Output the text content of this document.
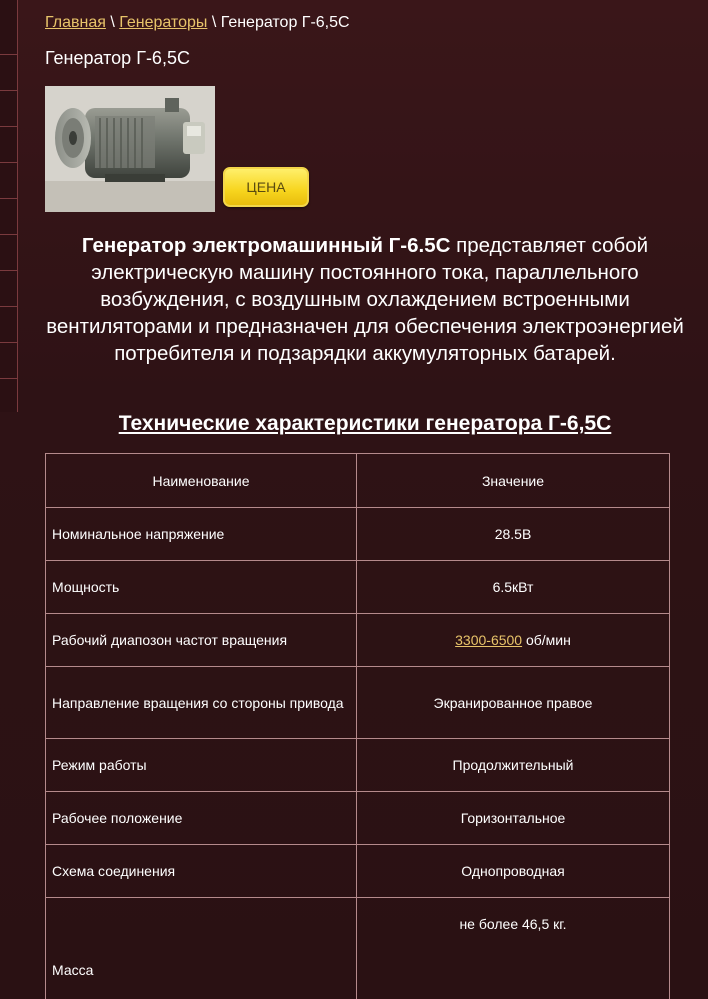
Главная \ Генераторы \ Генератор Г-6,5С
Генератор Г-6,5С
ЦЕНА

Генератор электромашинный Г-6.5С представляет собой электрическую машину постоянного тока, параллельного возбуждения, с воздушным охлаждением встроенными вентиляторами и предназначен для обеспечения электроэнергией потребителя и подзарядки аккумуляторных батарей.

Технические характеристики генератора Г-6,5С
Наименование	Значение
Номинальное напряжение	28.5В
Мощность	6.5кВт
Рабочий диапозон частот вращения	3300-6500 об/мин
Направление вращения со стороны привода	Экранированное правое
Режим работы	Продолжительный
Рабочее положение	Горизонтальное
Схема соединения	Однопроводная
Масса	не более 46,5 кг.
